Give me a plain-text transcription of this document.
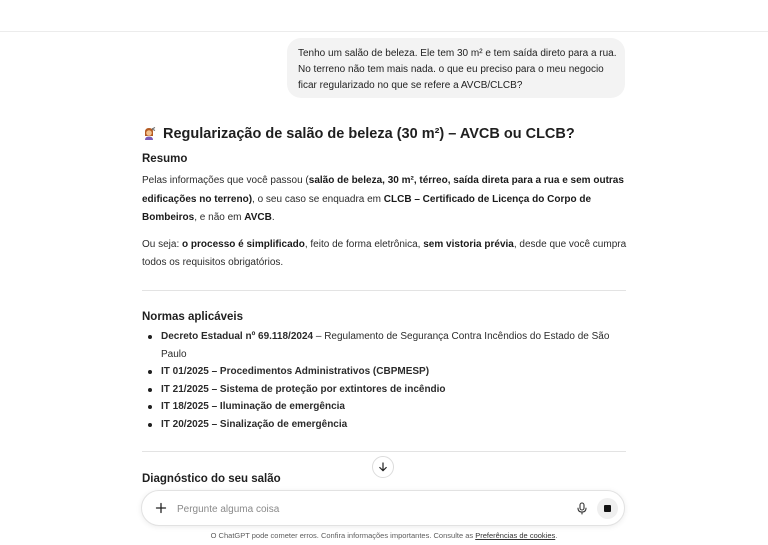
Tenho um salão de beleza. Ele tem 30 m² e tem saída direto para a rua.
No terreno não tem mais nada. o que eu preciso para o meu negocio
ficar regularizado no que se refere a AVCB/CLCB?
Regularização de salão de beleza (30 m²) – AVCB ou CLCB?
Resumo
Pelas informações que você passou (salão de beleza, 30 m², térreo, saída direta para a rua e sem outras
edificações no terreno), o seu caso se enquadra em CLCB – Certificado de Licença do Corpo de
Bombeiros, e não em AVCB.
Ou seja: o processo é simplificado, feito de forma eletrônica, sem vistoria prévia, desde que você cumpra
todos os requisitos obrigatórios.
Normas aplicáveis
Decreto Estadual nº 69.118/2024 – Regulamento de Segurança Contra Incêndios do Estado de São
Paulo
IT 01/2025 – Procedimentos Administrativos (CBPMESP)
IT 21/2025 – Sistema de proteção por extintores de incêndio
IT 18/2025 – Iluminação de emergência
IT 20/2025 – Sinalização de emergência
Diagnóstico do seu salão
Pergunte alguma coisa
O ChatGPT pode cometer erros. Confira informações importantes. Consulte as Preferências de cookies.
